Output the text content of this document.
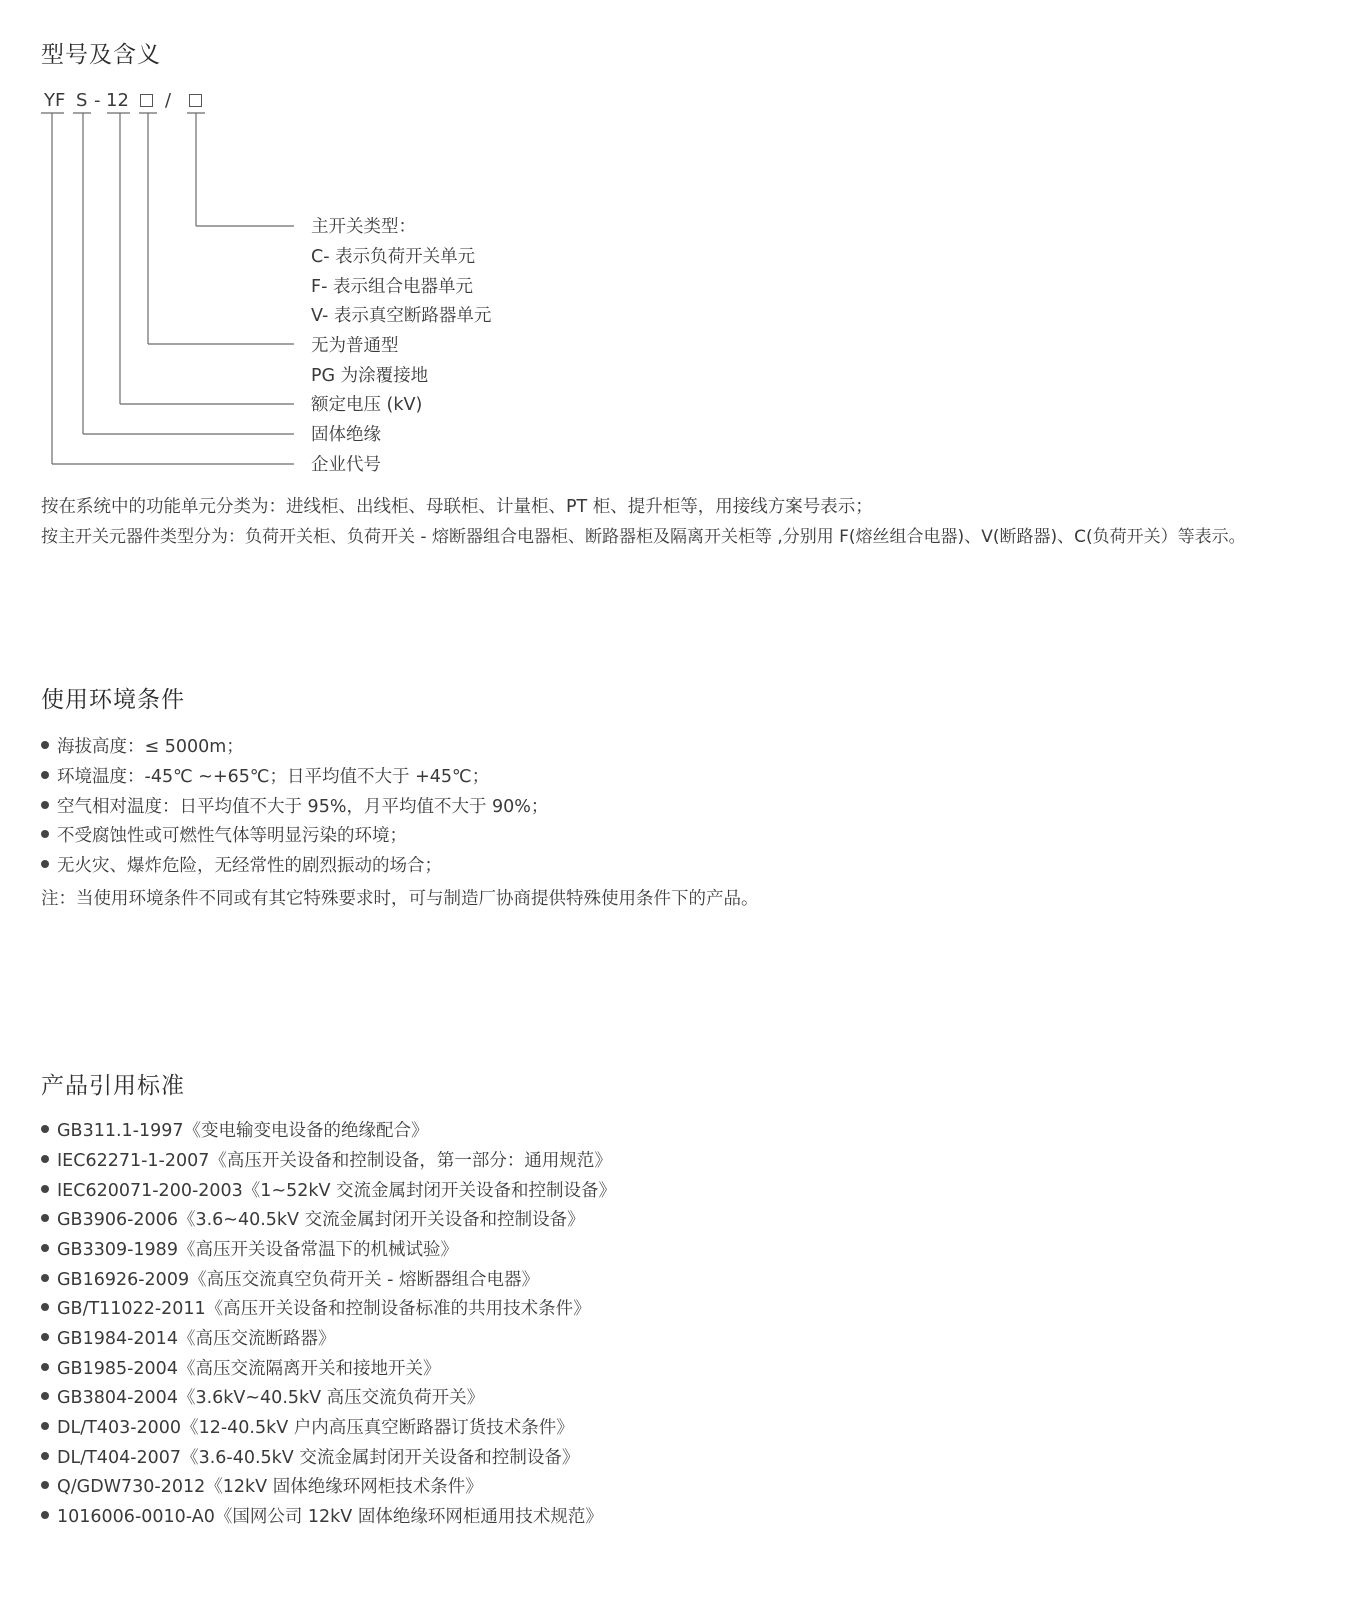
型号及含义
YF S - 12 /
主开关类型：
C- 表示负荷开关单元
F- 表示组合电器单元
V- 表示真空断路器单元
无为普通型
PG 为涂覆接地
额定电压 (kV)
固体绝缘
企业代号
按在系统中的功能单元分类为：进线柜、出线柜、母联柜、计量柜、PT 柜、提升柜等，用接线方案号表示；
按主开关元器件类型分为：负荷开关柜、负荷开关 - 熔断器组合电器柜、断路器柜及隔离开关柜等 ,分别用 F(熔丝组合电器)、V(断路器)、C(负荷开关）等表示。
使用环境条件
海拔高度：≤ 5000m；
环境温度：-45℃ ~+65℃；日平均值不大于 +45℃；
空气相对温度：日平均值不大于 95%，月平均值不大于 90%；
不受腐蚀性或可燃性气体等明显污染的环境；
无火灾、爆炸危险，无经常性的剧烈振动的场合；
注：当使用环境条件不同或有其它特殊要求时，可与制造厂协商提供特殊使用条件下的产品。
产品引用标准
GB311.1-1997《变电输变电设备的绝缘配合》
IEC62271-1-2007《高压开关设备和控制设备，第一部分：通用规范》
IEC620071-200-2003《1~52kV 交流金属封闭开关设备和控制设备》
GB3906-2006《3.6~40.5kV 交流金属封闭开关设备和控制设备》
GB3309-1989《高压开关设备常温下的机械试验》
GB16926-2009《高压交流真空负荷开关 - 熔断器组合电器》
GB/T11022-2011《高压开关设备和控制设备标准的共用技术条件》
GB1984-2014《高压交流断路器》
GB1985-2004《高压交流隔离开关和接地开关》
GB3804-2004《3.6kV~40.5kV 高压交流负荷开关》
DL/T403-2000《12-40.5kV 户内高压真空断路器订货技术条件》
DL/T404-2007《3.6-40.5kV 交流金属封闭开关设备和控制设备》
Q/GDW730-2012《12kV 固体绝缘环网柜技术条件》
1016006-0010-A0《国网公司 12kV 固体绝缘环网柜通用技术规范》
